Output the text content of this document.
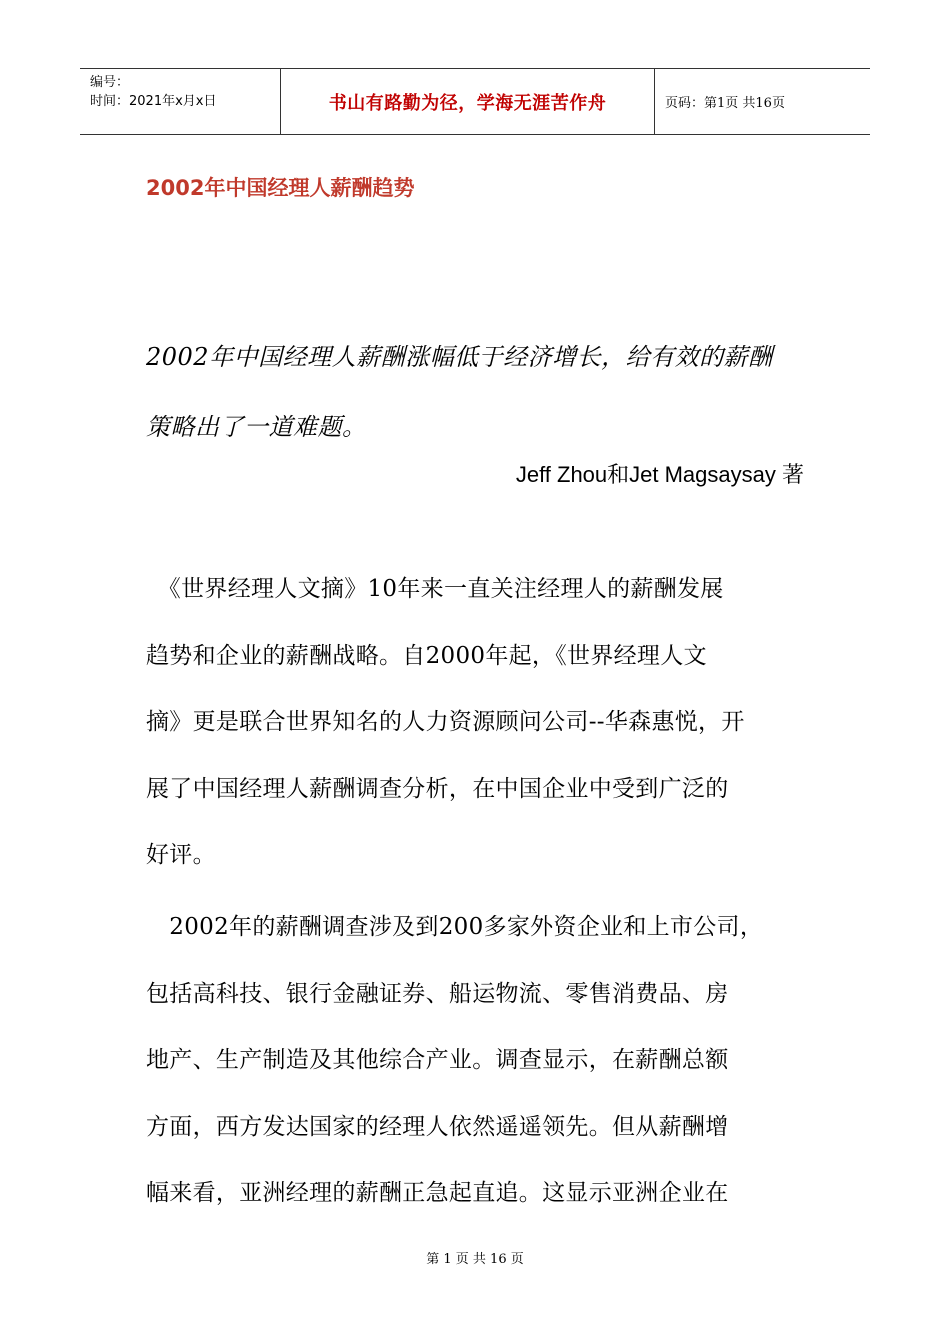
编号：
时间：2021年x月x日	书山有路勤为径，学海无涯苦作舟	页码：第1页 共16页
2002年中国经理人薪酬趋势
2002年中国经理人薪酬涨幅低于经济增长，给有效的薪酬
策略出了一道难题。
Jeff Zhou和Jet Magsaysay 著
　《世界经理人文摘》10年来一直关注经理人的薪酬发展
趋势和企业的薪酬战略。自2000年起，《世界经理人文
摘》更是联合世界知名的人力资源顾问公司--华森惠悦，开
展了中国经理人薪酬调查分析，在中国企业中受到广泛的
好评。
　2002年的薪酬调查涉及到200多家外资企业和上市公司，
包括高科技、银行金融证券、船运物流、零售消费品、房
地产、生产制造及其他综合产业。调查显示，在薪酬总额
方面，西方发达国家的经理人依然遥遥领先。但从薪酬增
幅来看，亚洲经理的薪酬正急起直追。这显示亚洲企业在
第 1 页 共 16 页
